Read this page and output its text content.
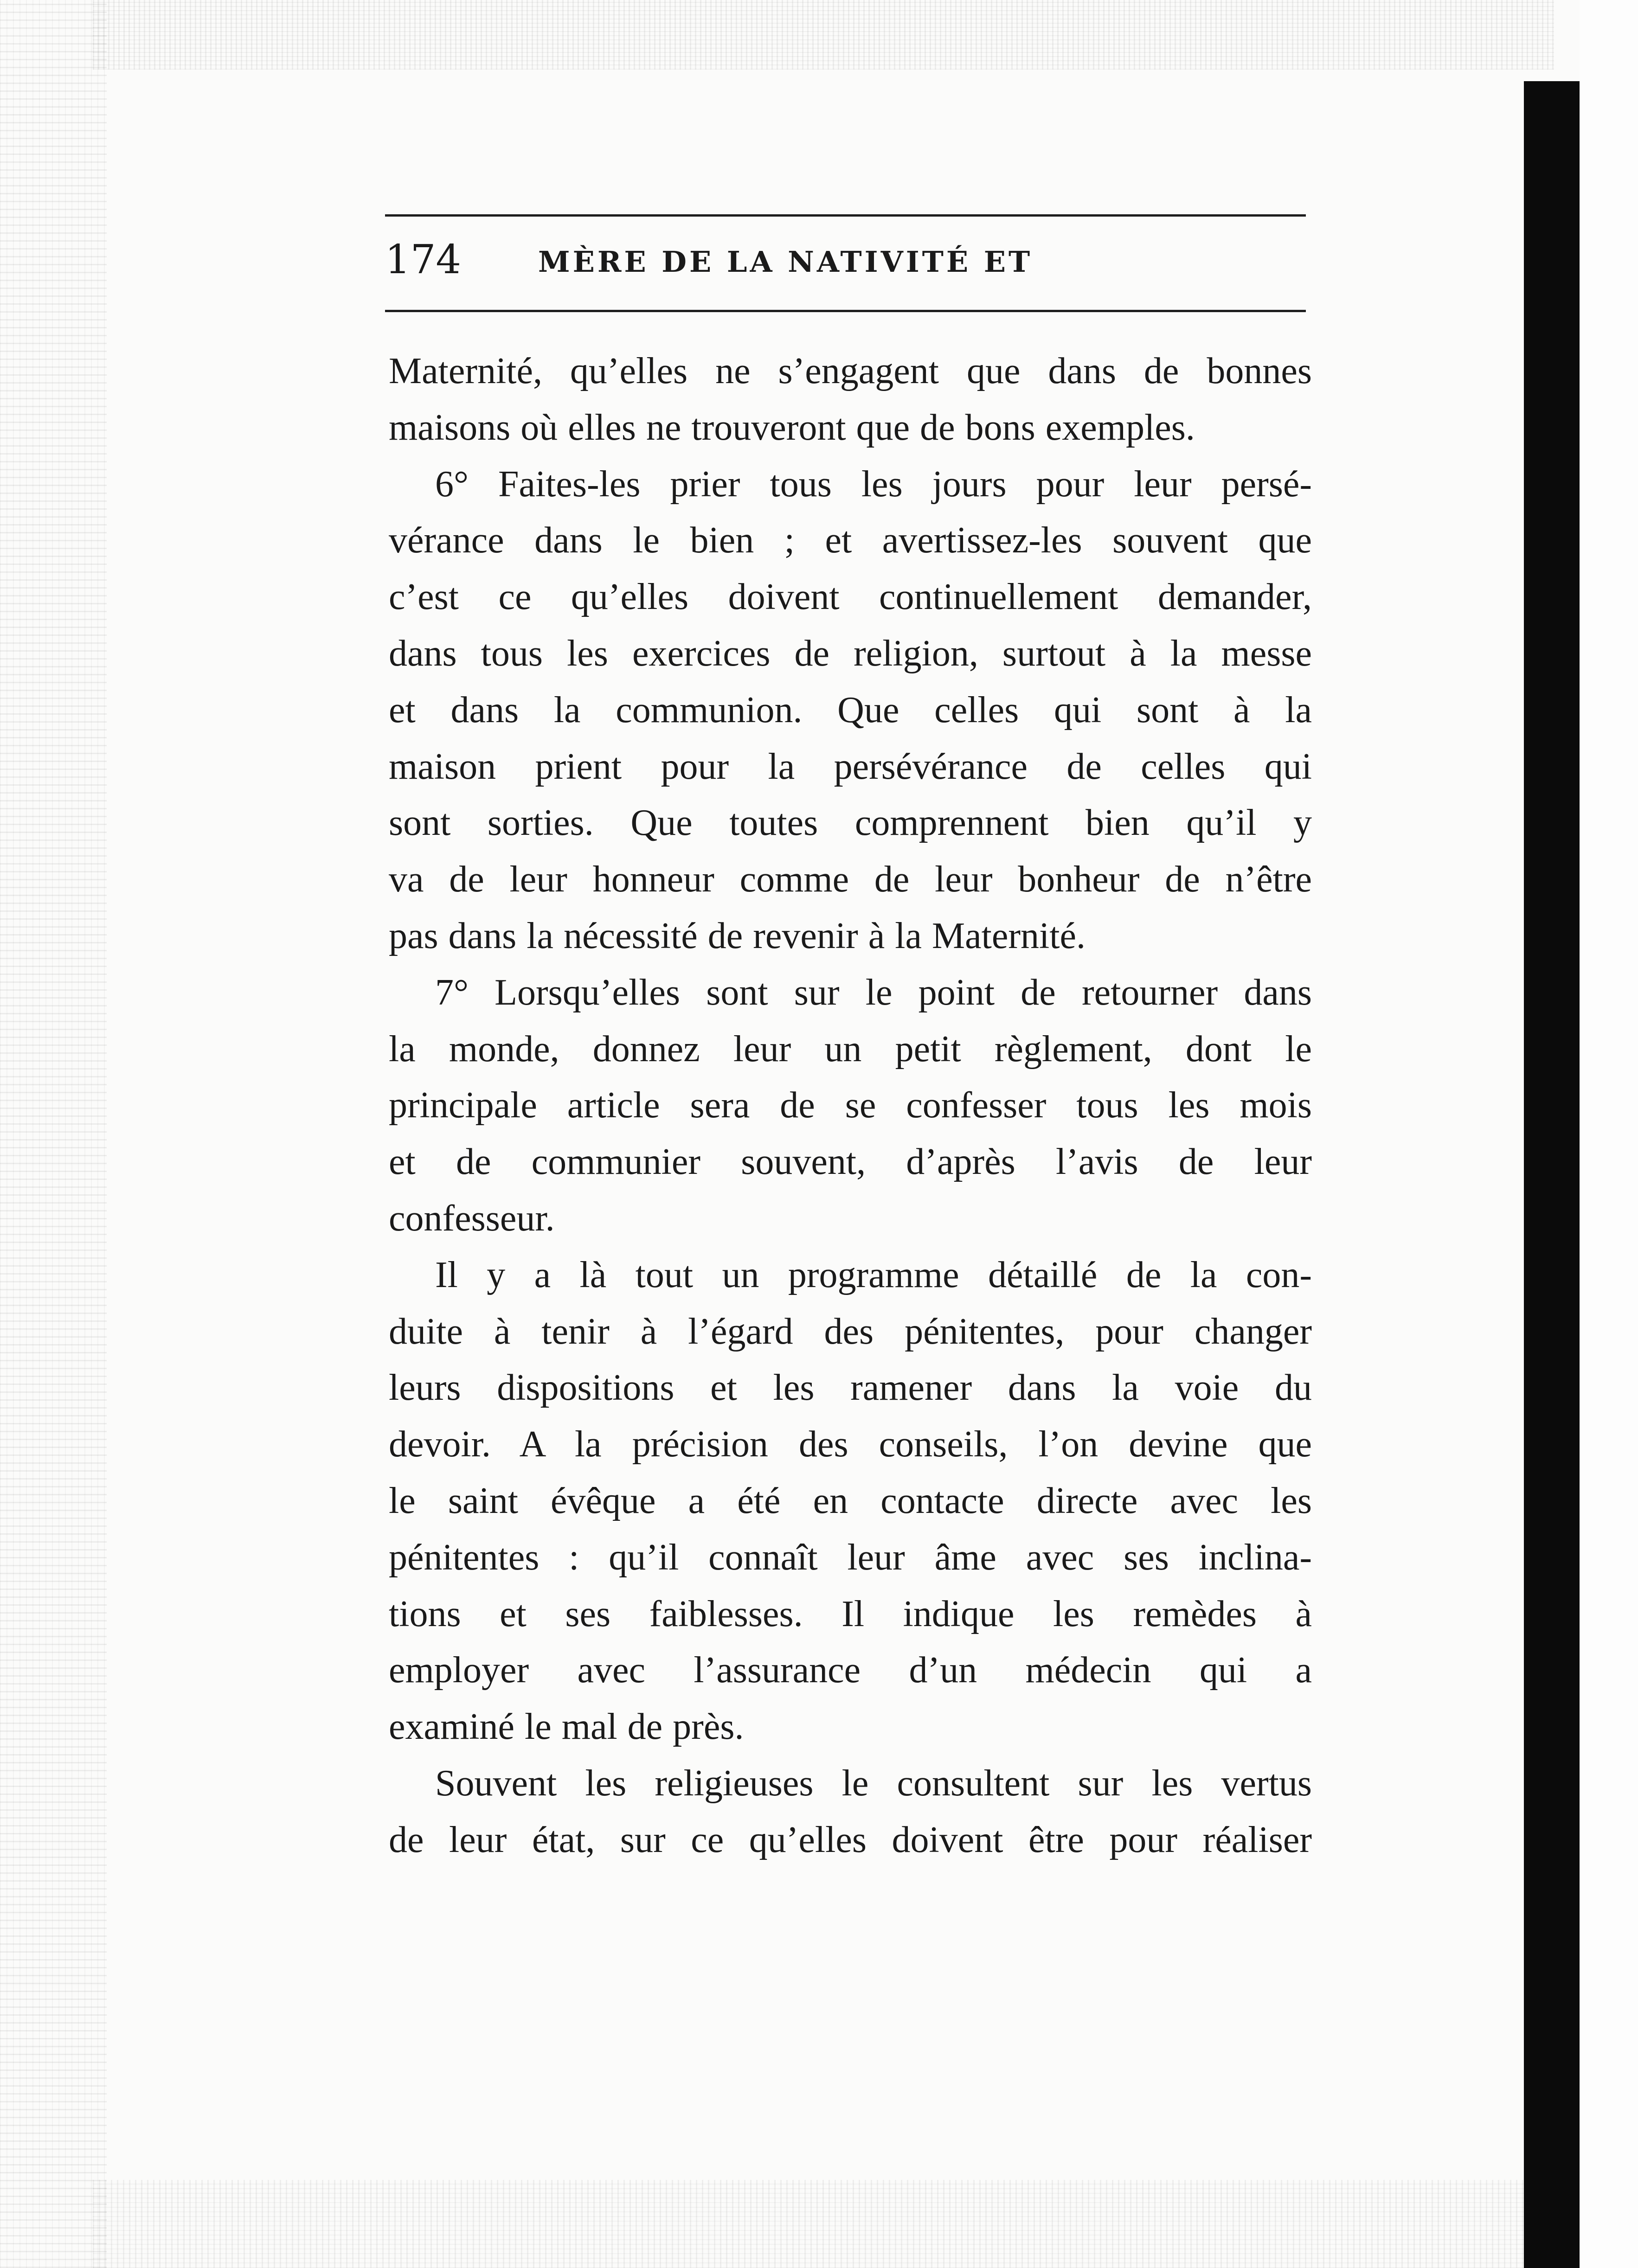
174	MÈRE DE LA NATIVITÉ ET
Maternité, qu’elles ne s’engagent que dans de bonnes
maisons où elles ne trouveront que de bons exemples.
6° Faites-les prier tous les jours pour leur persé-
vérance dans le bien ; et avertissez-les souvent que
c’est ce qu’elles doivent continuellement demander,
dans tous les exercices de religion, surtout à la messe
et dans la communion. Que celles qui sont à la
maison prient pour la persévérance de celles qui
sont sorties. Que toutes comprennent bien qu’il y
va de leur honneur comme de leur bonheur de n’être
pas dans la nécessité de revenir à la Maternité.
7° Lorsqu’elles sont sur le point de retourner dans
la monde, donnez leur un petit règlement, dont le
principale article sera de se confesser tous les mois
et de communier souvent, d’après l’avis de leur
confesseur.
Il y a là tout un programme détaillé de la con-
duite à tenir à l’égard des pénitentes, pour changer
leurs dispositions et les ramener dans la voie du
devoir. A la précision des conseils, l’on devine que
le saint évêque a été en contacte directe avec les
pénitentes : qu’il connaît leur âme avec ses inclina-
tions et ses faiblesses. Il indique les remèdes à
employer avec l’assurance d’un médecin qui a
examiné le mal de près.
Souvent les religieuses le consultent sur les vertus
de leur état, sur ce qu’elles doivent être pour réaliser
